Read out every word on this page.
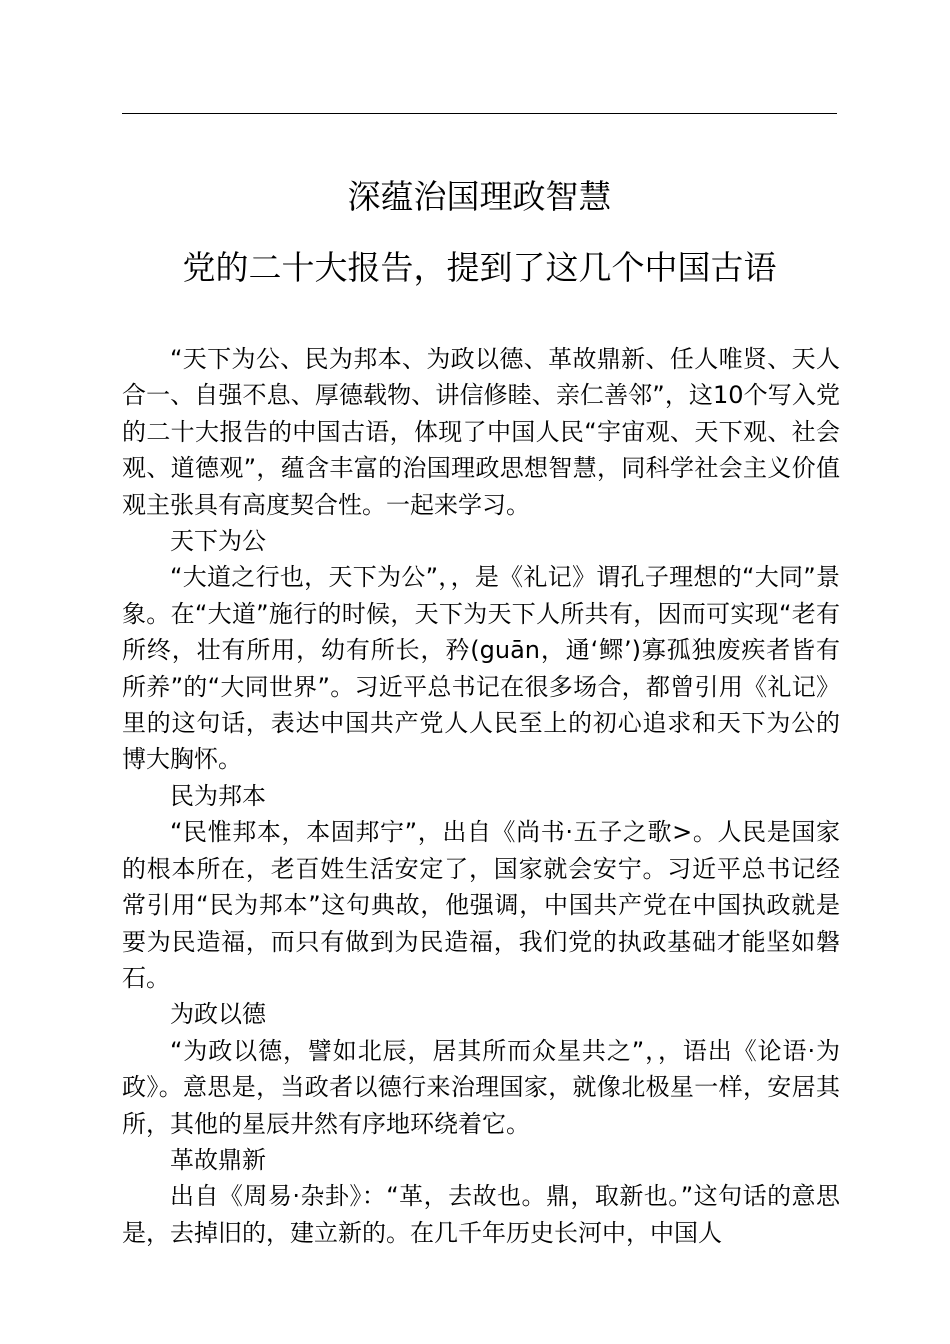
深蕴治国理政智慧
党的二十大报告，提到了这几个中国古语

“天下为公、民为邦本、为政以德、革故鼎新、任人唯贤、天人合一、自强不息、厚德载物、讲信修睦、亲仁善邻”，这10个写入党的二十大报告的中国古语，体现了中国人民“宇宙观、天下观、社会观、道德观”，蕴含丰富的治国理政思想智慧，同科学社会主义价值观主张具有高度契合性。一起来学习。

天下为公

“大道之行也，天下为公”，，是《礼记》谓孔子理想的“大同”景象。在“大道”施行的时候，天下为天下人所共有，因而可实现“老有所终，壮有所用，幼有所长，矜(guān，通‘鳏’)寡孤独废疾者皆有所养”的“大同世界”。习近平总书记在很多场合，都曾引用《礼记》里的这句话，表达中国共产党人人民至上的初心追求和天下为公的博大胸怀。

民为邦本

“民惟邦本，本固邦宁”，出自《尚书·五子之歌>。人民是国家的根本所在，老百姓生活安定了，国家就会安宁。习近平总书记经常引用“民为邦本”这句典故，他强调，中国共产党在中国执政就是要为民造福，而只有做到为民造福，我们党的执政基础才能坚如磐石。

为政以德

“为政以德，譬如北辰，居其所而众星共之”，，语出《论语·为政》。意思是，当政者以德行来治理国家，就像北极星一样，安居其所，其他的星辰井然有序地环绕着它。

革故鼎新

出自《周易·杂卦》：“革，去故也。鼎，取新也。”这句话的意思是，去掉旧的，建立新的。在几千年历史长河中，中国人
